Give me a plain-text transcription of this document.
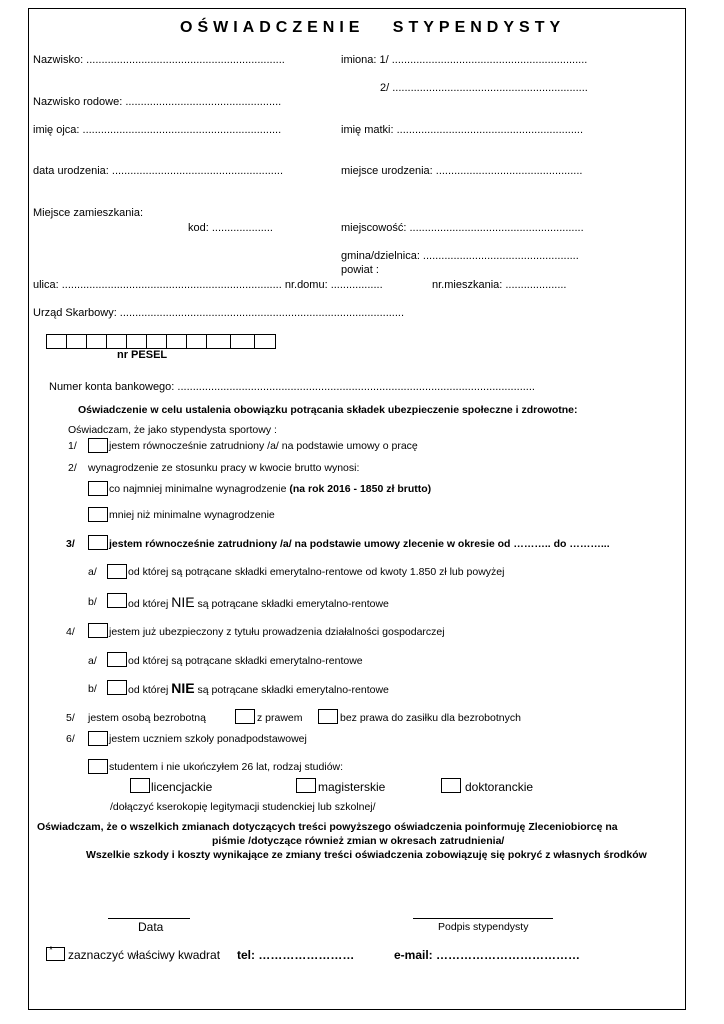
OŚWIADCZENIE   STYPENDYSTY
Nazwisko: .................................................................	imiona: 1/ ................................................................
2/ ................................................................
Nazwisko rodowe: ...................................................
imię ojca: .................................................................	imię matki: .............................................................
data urodzenia: ........................................................	miejsce urodzenia: ................................................
Miejsce zamieszkania:
kod: ....................	miejscowość: .........................................................
gmina/dzielnica: ...................................................
powiat :
ulica: ........................................................................ nr.domu: .................	nr.mieszkania: ....................
Urząd Skarbowy: .............................................................................................
nr PESEL
Numer konta bankowego: .....................................................................................................................
Oświadczenie w celu ustalenia obowiązku potrącania składek ubezpieczenie społeczne i zdrowotne:
Oświadczam, że jako stypendysta sportowy :
1/	jestem równocześnie zatrudniony /a/ na podstawie umowy o pracę
2/ wynagrodzenie ze stosunku pracy w kwocie brutto wynosi:
co najmniej minimalne wynagrodzenie (na rok 2016 - 1850 zł brutto)
mniej niż minimalne wynagrodzenie
3/	jestem równocześnie zatrudniony /a/ na podstawie umowy zlecenie w okresie od ……….. do ………...
a/	od której są potrącane składki emerytalno-rentowe od kwoty 1.850 zł lub powyżej
b/	od której NIE są potrącane składki emerytalno-rentowe
4/	jestem już ubezpieczony z tytułu prowadzenia działalności gospodarczej
a/	od której są potrącane składki emerytalno-rentowe
b/	od której NIE są potrącane składki emerytalno-rentowe
5/ jestem osobą bezrobotną	z prawem	bez prawa do zasiłku dla bezrobotnych
6/	jestem uczniem szkoły ponadpodstawowej
studentem i nie ukończyłem 26 lat, rodzaj studiów:
licencjackie	magisterskie	doktoranckie
/dołączyć kserokopię legitymacji studenckiej lub szkolnej/
Oświadczam, że o wszelkich zmianach dotyczących treści powyższego oświadczenia poinformuję Zleceniobiorcę na
piśmie /dotyczące również zmian w okresach zatrudnienia/
Wszelkie szkody i koszty wynikające ze zmiany treści oświadczenia zobowiązuję się pokryć z własnych środków
Data	Podpis stypendysty
* zaznaczyć właściwy kwadrat tel: ……………………	e-mail: ………………………………
